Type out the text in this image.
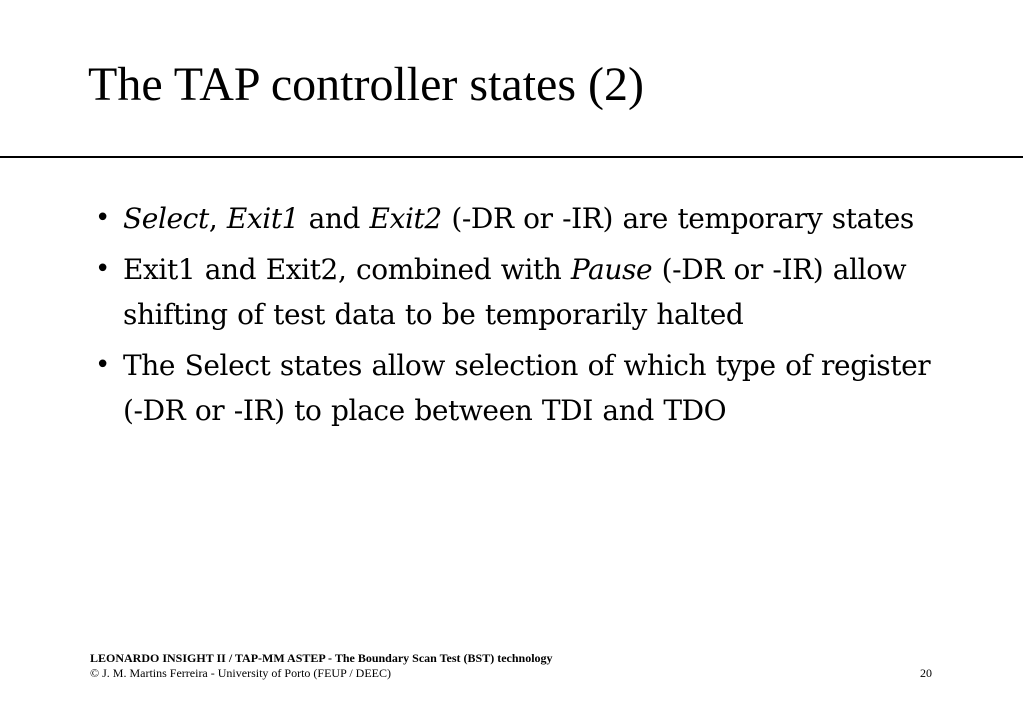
The TAP controller states (2)
• Select, Exit1 and Exit2 (-DR or -IR) are temporary states
• Exit1 and Exit2, combined with Pause (-DR or -IR) allow shifting of test data to be temporarily halted
• The Select states allow selection of which type of register (-DR or -IR) to place between TDI and TDO
LEONARDO INSIGHT II / TAP-MM ASTEP - The Boundary Scan Test (BST) technology
© J. M. Martins Ferreira - University of Porto (FEUP / DEEC)	20
